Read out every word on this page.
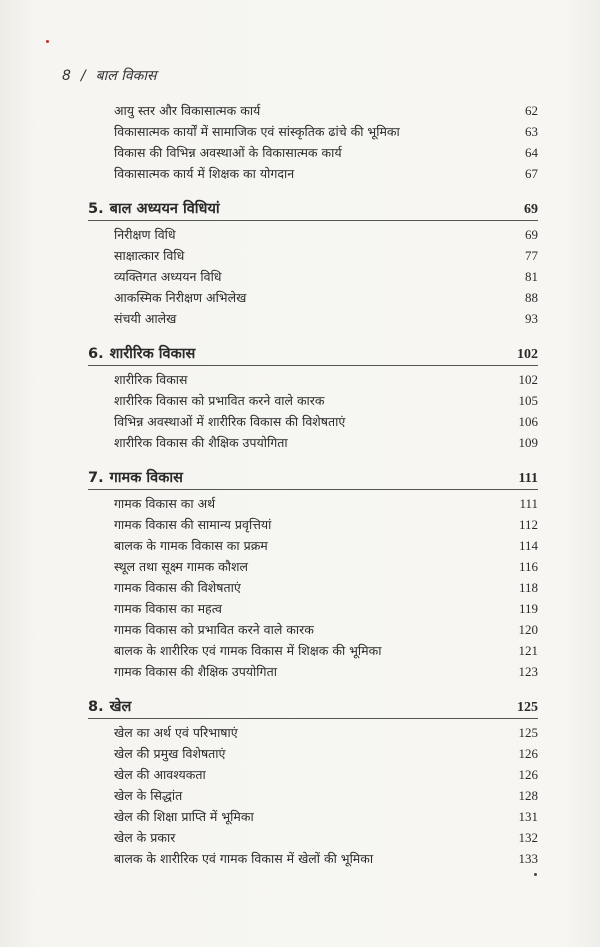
8 / बाल विकास
आयु स्तर और विकासात्मक कार्य	62
विकासात्मक कार्यों में सामाजिक एवं सांस्कृतिक ढांचे की भूमिका	63
विकास की विभिन्न अवस्थाओं के विकासात्मक कार्य	64
विकासात्मक कार्य में शिक्षक का योगदान	67
5. बाल अध्ययन विधियां	69
निरीक्षण विधि	69
साक्षात्कार विधि	77
व्यक्तिगत अध्ययन विधि	81
आकस्मिक निरीक्षण अभिलेख	88
संचयी आलेख	93
6. शारीरिक विकास	102
शारीरिक विकास	102
शारीरिक विकास को प्रभावित करने वाले कारक	105
विभिन्न अवस्थाओं में शारीरिक विकास की विशेषताएं	106
शारीरिक विकास की शैक्षिक उपयोगिता	109
7. गामक विकास	111
गामक विकास का अर्थ	111
गामक विकास की सामान्य प्रवृत्तियां	112
बालक के गामक विकास का प्रक्रम	114
स्थूल तथा सूक्ष्म गामक कौशल	116
गामक विकास की विशेषताएं	118
गामक विकास का महत्व	119
गामक विकास को प्रभावित करने वाले कारक	120
बालक के शारीरिक एवं गामक विकास में शिक्षक की भूमिका	121
गामक विकास की शैक्षिक उपयोगिता	123
8. खेल	125
खेल का अर्थ एवं परिभाषाएं	125
खेल की प्रमुख विशेषताएं	126
खेल की आवश्यकता	126
खेल के सिद्धांत	128
खेल की शिक्षा प्राप्ति में भूमिका	131
खेल के प्रकार	132
बालक के शारीरिक एवं गामक विकास में खेलों की भूमिका	133
